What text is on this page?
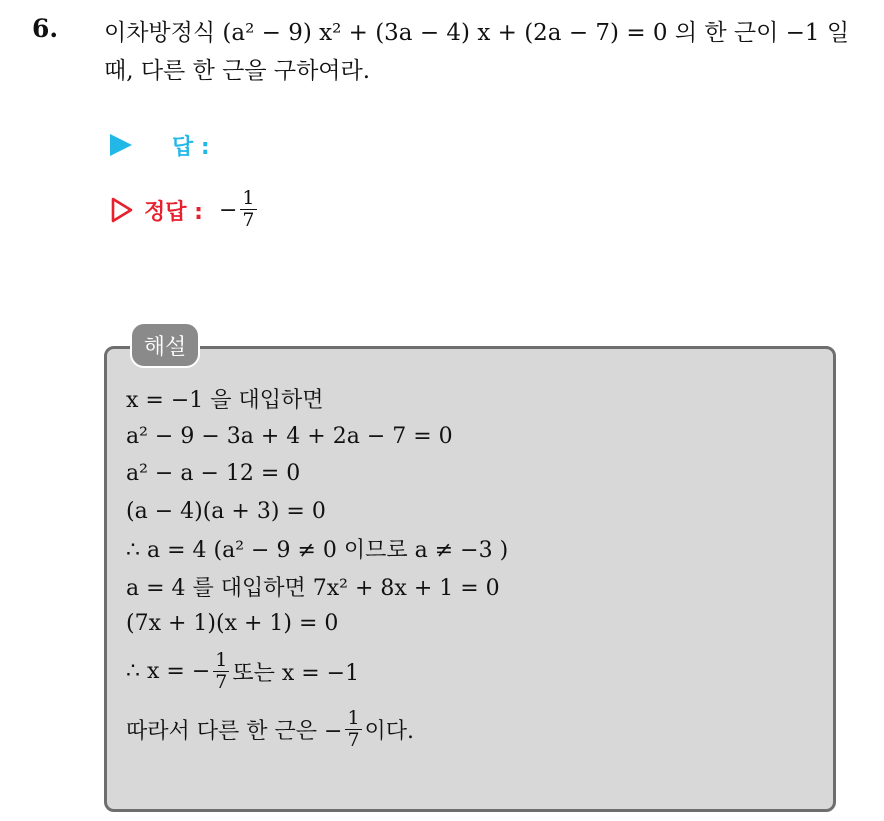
6. 이차방정식 (a² − 9) x² + (3a − 4) x + (2a − 7) = 0 의 한 근이 −1 일
때, 다른 한 근을 구하여라.
답 :
정답 : − $\frac{1}{7}$
해설
x = −1 을 대입하면
a² − 9 − 3a + 4 + 2a − 7 = 0
a² − a − 12 = 0
(a − 4)(a + 3) = 0
∴ a = 4 (a² − 9 ≠ 0 이므로 a ≠ −3 )
a = 4 를 대입하면 7x² + 8x + 1 = 0
(7x + 1)(x + 1) = 0
∴ x = − $\frac{1}{7}$ 또는 x = −1
따라서 다른 한 근은 − $\frac{1}{7}$ 이다.
